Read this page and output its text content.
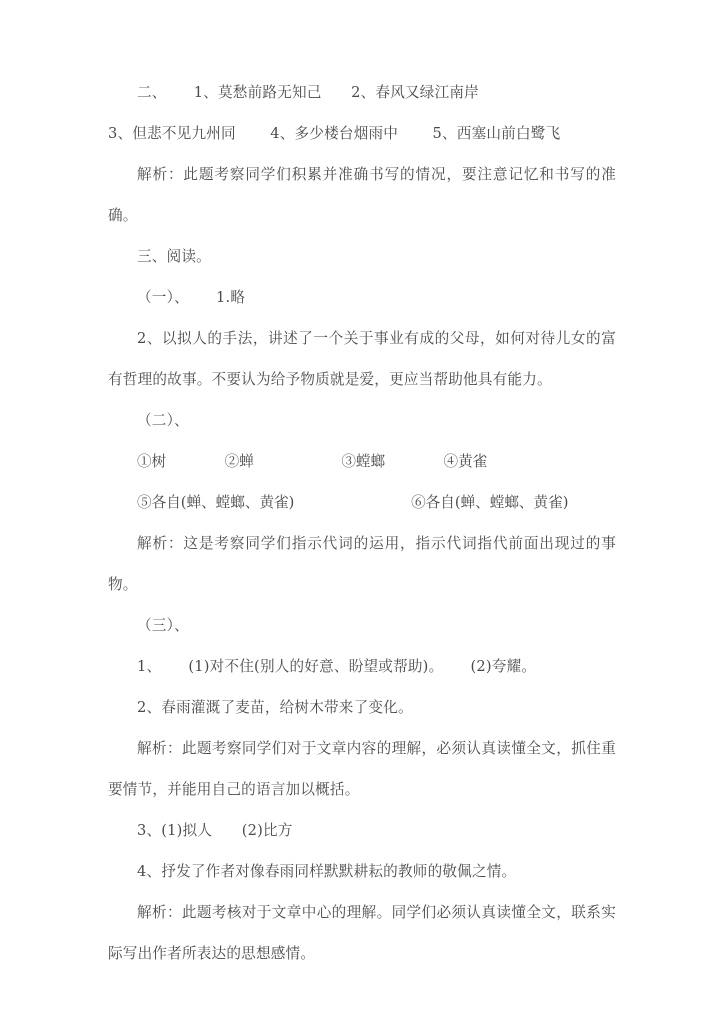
二、　　 1、莫愁前路无知己　　2、春风又绿江南岸

3、但悲不见九州同　　 4、多少楼台烟雨中　　 5、西塞山前白鹭飞

解析：此题考察同学们积累并准确书写的情况，要注意记忆和书写的准确。

三、阅读。

（一）、　　 1.略

2、以拟人的手法，讲述了一个关于事业有成的父母，如何对待儿女的富有哲理的故事。不要认为给予物质就是爱，更应当帮助他具有能力。

（二）、

①树　　　　②蝉　　　　　　③螳螂　　　　④黄雀

⑤各自(蝉、螳螂、黄雀)　　　　　　　　⑥各自(蝉、螳螂、黄雀)

解析：这是考察同学们指示代词的运用，指示代词指代前面出现过的事物。

（三）、

1、　　 (1)对不住(别人的好意、盼望或帮助)。　　 (2)夸耀。

2、春雨灌溉了麦苗，给树木带来了变化。

解析：此题考察同学们对于文章内容的理解，必须认真读懂全文，抓住重要情节，并能用自己的语言加以概括。

3、(1)拟人　　(2)比方

4、抒发了作者对像春雨同样默默耕耘的教师的敬佩之情。

解析：此题考核对于文章中心的理解。同学们必须认真读懂全文，联系实际写出作者所表达的思想感情。
